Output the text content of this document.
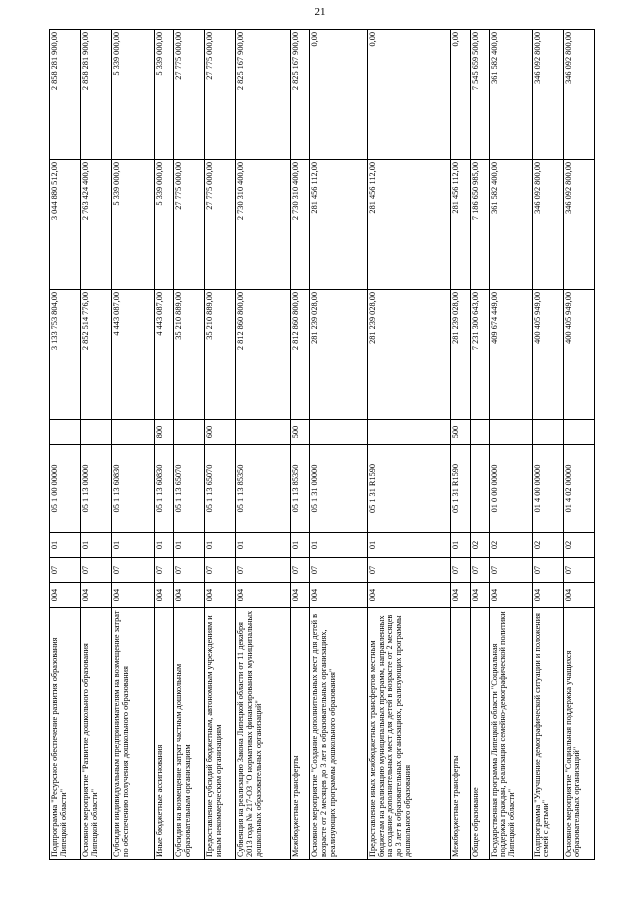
21
Подпрограмма "Ресурсное обеспечение развития образования Липецкой области"	004	07	01	05 1 00 00000		3 133 753 804,00	3 044 880 512,00	2 858 281 900,00
Основное мероприятие "Развитие дошкольного образования Липецкой области"	004	07	01	05 1 13 00000		2 852 514 776,00	2 763 424 400,00	2 858 281 900,00
Субсидии индивидуальным предпринимателям на возмещение затрат по обеспечению получения дошкольного образования	004	07	01	05 1 13 60830		4 443 087,00	5 339 000,00	5 339 000,00
Иные бюджетные ассигнования	004	07	01	05 1 13 60830	800	4 443 087,00	5 339 000,00	5 339 000,00
Субсидия на возмещение затрат частным дошкольным образовательным организациям	004	07	01	05 1 13 65070		35 210 889,00	27 775 000,00	27 775 000,00
Предоставление субсидий бюджетным, автономным учреждениям и иным некоммерческим организациям	004	07	01	05 1 13 65070	600	35 210 889,00	27 775 000,00	27 775 000,00
Субвенция на реализацию Закона Липецкой области от 11 декабря 2013 года № 217-ОЗ "О нормативах финансирования муниципальных дошкольных образовательных организаций"	004	07	01	05 1 13 85350		2 812 860 800,00	2 730 310 400,00	2 825 167 900,00
Межбюджетные трансферты	004	07	01	05 1 13 85350	500	2 812 860 800,00	2 730 310 400,00	2 825 167 900,00
Основное мероприятие "Создание дополнительных мест для детей в возрасте от 2 месяцев до 3 лет в образовательных организациях, реализующих программы дошкольного образования"	004	07	01	05 1 31 00000		281 239 028,00	281 456 112,00	0,00
Предоставление иных межбюджетных трансфертов местным бюджетам на реализацию муниципальных программ, направленных на создание дополнительных мест для детей в возрасте от 2 месяцев до 3 лет в образовательных организациях, реализующих программы дошкольного образования	004	07	01	05 1 31 R1590		281 239 028,00	281 456 112,00	0,00
Межбюджетные трансферты	004	07	01	05 1 31 R1590	500	281 239 028,00	281 456 112,00	0,00
Общее образование	004	07	02			7 231 300 643,00	7 186 650 985,00	7 545 659 500,00
Государственная программа Липецкой области "Социальная поддержка граждан, реализация семейно-демографической политики Липецкой области"	004	07	02	01 0 00 00000		409 674 449,00	361 582 400,00	361 582 400,00
Подпрограмма "Улучшение демографической ситуации и положения семей с детьми"	004	07	02	01 4 00 00000		400 405 949,00	346 092 800,00	346 092 800,00
Основное мероприятие "Социальная поддержка учащихся образовательных организаций"	004	07	02	01 4 02 00000		400 405 949,00	346 092 800,00	346 092 800,00
